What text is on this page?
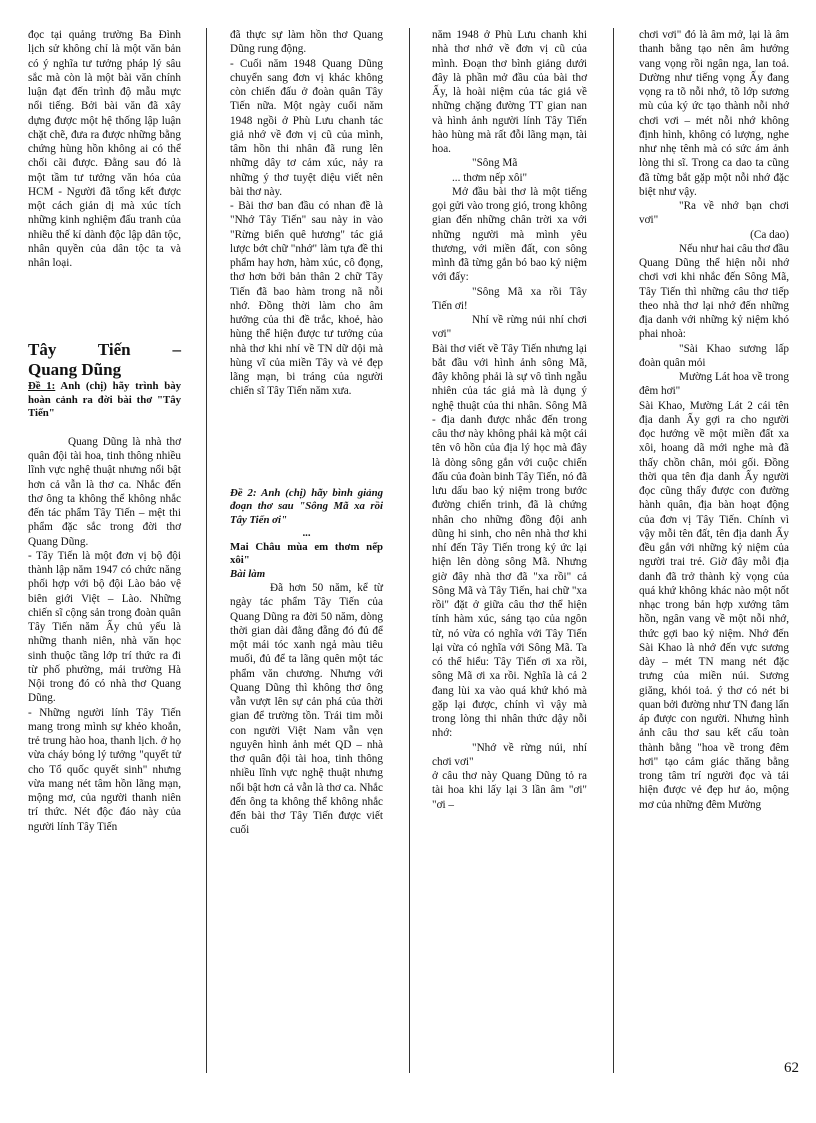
đọc tại quảng trường Ba Đình lịch sử không chỉ là một văn bản có ý nghĩa tư tưởng pháp lý sâu sắc mà còn là một bài văn chính luận đạt đến trình độ mẫu mực nổi tiếng. Bởi bài văn đã xây dựng được một hệ thống lập luận chặt chẽ, đưa ra được những bằng chứng hùng hồn không ai có thể chối cãi được. Đằng sau đó là một tầm tư tưởng văn hóa của HCM - Người đã tổng kết được một cách giản dị mà xúc tích những kinh nghiệm đấu tranh của nhiều thế kỉ dành độc lập dân tộc, nhân quyền của dân tộc ta và nhân loại.

Tây Tiến –
Quang Dũng

Đề 1: Anh (chị) hãy trình bày hoàn cảnh ra đời bài thơ "Tây Tiến"

Quang Dũng là nhà thơ quân đội tài hoa, tinh thông nhiều lĩnh vực nghệ thuật nhưng nổi bật hơn cả vẫn là thơ ca. Nhắc đến thơ ông ta không thể không nhắc đến tác phẩm Tây Tiến – mệt thi phẩm đặc sắc trong đời thơ Quang Dũng.

- Tây Tiến là một đơn vị bộ đội thành lập năm 1947 có chức năng phối hợp với bộ đội Lào bảo vệ biên giới Việt – Lào. Những chiến sĩ cộng sản trong đoàn quân Tây Tiến năm Ấy chủ yếu là những thanh niên, nhà văn học sinh thuộc tầng lớp trí thức ra đi từ phố phường, mái trường Hà Nội trong đó có nhà thơ Quang Dũng.

- Những người lính Tây Tiến mang trong mình sự khẻo khoắn, trẻ trung hào hoa, thanh lịch. ở họ vừa cháy bỏng lý tưởng "quyết tử cho Tổ quốc quyết sinh" nhưng vừa mang nét tâm hồn lãng mạn, mộng mơ, của người thanh niên trí thức. Nét độc đáo này của người lính Tây Tiến

đã thực sự làm hồn thơ Quang Dũng rung động.

- Cuối năm 1948 Quang Dũng chuyển sang đơn vị khác không còn chiến đấu ở đoàn quân Tây Tiến nữa. Một ngày cuối năm 1948 ngồi ở Phù Lưu chanh tác giả nhớ về đơn vị cũ của mình, tâm hồn thi nhân đã rung lên những dây tơ cảm xúc, nảy ra những ý thơ tuyệt diệu viết nên bài thơ này.

- Bài thơ ban đầu có nhan đề là "Nhớ Tây Tiến" sau này in vào "Rừng biển quê hương" tác giả lược bớt chữ "nhớ" làm tựa đề thi phẩm hay hơn, hàm xúc, cô đọng, thơ hơn bởi bản thân 2 chữ Tây Tiến đã bao hàm trong nã nỗi nhớ. Đồng thời làm cho âm hưởng của thi đề trắc, khoẻ, hào hùng thể hiện được tư tưởng của nhà thơ khi nhí về TN dữ dội mà hùng vĩ của miền Tây và vẻ đẹp lãng mạn, bi tráng của người chiến sĩ Tây Tiến năm xưa.

Đề 2: Anh (chị) hãy bình giảng đoạn thơ sau "Sông Mã xa rồi Tây Tiến ơi"

...

Mai Châu mùa em thơm nếp xôi"

Bài làm

Đã hơn 50 năm, kể từ ngày tác phẩm Tây Tiến của Quang Dũng ra đời 50 năm, dòng thời gian dài đằng đẵng đó đủ để một mái tóc xanh ngả màu tiêu muối, đủ để ta lãng quên một tác phẩm văn chương. Nhưng với Quang Dũng thì không thơ ông vẫn vượt lên sự cản phá của thời gian để trường tồn. Trái tim mỗi con người Việt Nam vẫn vẹn nguyên hình ảnh mét QD – nhà thơ quân đội tài hoa, tinh thông nhiều lĩnh vực nghệ thuật nhưng nổi bật hơn cả vẫn là thơ ca. Nhắc đến ông ta không thể không nhắc đến bài thơ Tây Tiến được viết cuối

năm 1948 ở Phù Lưu chanh khi nhà thơ nhớ về đơn vị cũ của mình. Đoạn thơ bình giảng dưới đây là phần mở đầu của bài thơ Ấy, là hoài niệm của tác giả về những chặng đường TT gian nan và hình ảnh người lính Tây Tiến hào hùng mà rất đỗi lãng mạn, tài hoa.

"Sông Mã

... thơm nếp xôi"

Mở đầu bài thơ là một tiếng gọi gửi vào trong gió, trong không gian đến những chân trời xa với những người mà mình yêu thương, với miền đất, con sông mình đã từng gắn bó bao kỷ niệm với đấy:

"Sông Mã xa rồi Tây Tiến ơi!

Nhí về rừng núi nhí chơi vơi"

Bài thơ viết về Tây Tiến nhưng lại bắt đầu với hình ảnh sông Mã, đây không phải là sự vô tình ngẫu nhiên của tác giả mà là dụng ý nghệ thuật của thi nhân. Sông Mã - địa danh được nhắc đến trong câu thơ này không phải kà một cái tên vô hồn của địa lý học mà đây là dòng sông gắn với cuộc chiến đấu của đoàn binh Tây Tiến, nó đã lưu dấu bao kỷ niệm trong bước đường chiến trinh, đã là chứng nhân cho những đồng đội anh dũng hi sinh, cho nên nhà thơ khi nhí đến Tây Tiến trong ký ức lại hiện lên dòng sông Mã. Nhưng giờ đây nhà thơ đã "xa rồi" cả Sông Mã và Tây Tiến, hai chữ "xa rồi" đặt ở giữa câu thơ thể hiện tính hàm xúc, sáng tạo của ngôn từ, nó vừa có nghĩa với Tây Tiến lại vừa có nghĩa với Sông Mã. Ta có thể hiểu: Tây Tiến ơi xa rồi, sông Mã ơi xa rồi. Nghĩa là cả 2 đang lùi xa vào quá khứ khó mà gặp lại được, chính vì vậy mà trong lòng thi nhân thức dậy nỗi nhớ:

"Nhớ về rừng núi, nhí chơi vơi"

ở câu thơ này Quang Dũng tỏ ra tài hoa khi lấy lại 3 lần âm "ơi" "ơi –

chơi vơi" đó là âm mở, lại là âm thanh bằng tạo nên âm hưởng vang vọng rồi ngân nga, lan toả. Dường như tiếng vọng Ấy đang vọng ra tõ nỗi nhớ, tõ lớp sương mù của ký ức tạo thành nỗi nhớ chơi vơi – mét nỗi nhớ không định hình, không có lượng, nghe như nhẹ tênh mà có sức ám ảnh lòng thi sĩ. Trong ca dao ta cũng đã từng bắt gặp một nỗi nhớ đặc biệt như vậy.

"Ra về nhớ bạn chơi vơi"

(Ca dao)

Nếu như hai câu thơ đầu Quang Dũng thể hiện nỗi nhớ chơi vơi khi nhắc đến Sông Mã, Tây Tiến thì những câu thơ tiếp theo nhà thơ lại nhớ đến những địa danh với những kỷ niệm khó phai nhoà:

"Sài Khao sương lấp đoàn quân mỏi

Mường Lát hoa về trong đêm hơi"

Sài Khao, Mường Lát 2 cái tên địa danh Ấy gợi ra cho người đọc hướng về một miền đất xa xôi, hoang dã mới nghe mà đã thấy chồn chân, mỏi gối. Đồng thời qua tên địa danh Ấy người đọc cũng thấy được con đường hành quân, địa bàn hoạt động của đơn vị Tây Tiến. Chính vì vậy mỗi tên đất, tên địa danh Ấy đều gắn với những kỷ niệm của người trai trẻ. Giờ đây mỗi địa danh đã trở thành kỳ vọng của quá khứ không khác nào một nốt nhạc trong bản hợp xướng tâm hồn, ngân vang về một nỗi nhớ, thức gợi bao kỷ niệm. Nhớ đến Sài Khao là nhớ đến vực sương dày – mét TN mang nét đặc trưng của miền núi. Sương giăng, khói toả. ý thơ có nét bi quan bởi đường như TN đang lấn áp được con người. Nhưng hình ảnh câu thơ sau kết cấu toàn thành bằng "hoa về trong đêm hơi" tạo cảm giác thăng bằng trong tâm trí người đọc và tái hiện được vẻ đẹp hư ảo, mộng mơ của những đêm Mường

62
